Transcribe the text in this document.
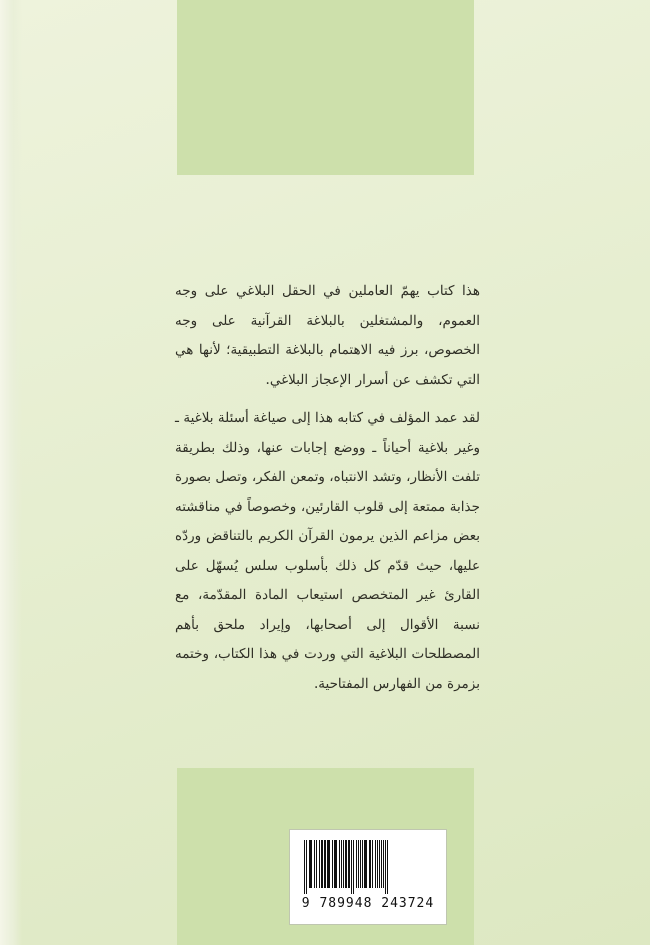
هذا كتاب يهمّ العاملين في الحقل البلاغي على وجه العموم، والمشتغلين بالبلاغة القرآنية على وجه الخصوص، برز فيه الاهتمام بالبلاغة التطبيقية؛ لأنها هي التي تكشف عن أسرار الإعجاز البلاغي.

لقد عمد المؤلف في كتابه هذا إلى صياغة أسئلة بلاغية ـ وغير بلاغية أحياناً ـ ووضع إجابات عنها، وذلك بطريقة تلفت الأنظار، وتشد الانتباه، وتمعن الفكر، وتصل بصورة جذابة ممتعة إلى قلوب القارئين، وخصوصاً في مناقشته بعض مزاعم الذين يرمون القرآن الكريم بالتناقض وردّه عليها، حيث قدّم كل ذلك بأسلوب سلس يُسهّل على القارئ غير المتخصص استيعاب المادة المقدّمة، مع نسبة الأقوال إلى أصحابها، وإيراد ملحق بأهم المصطلحات البلاغية التي وردت في هذا الكتاب، وختمه بزمرة من الفهارس المفتاحية.

9 789948 243724
